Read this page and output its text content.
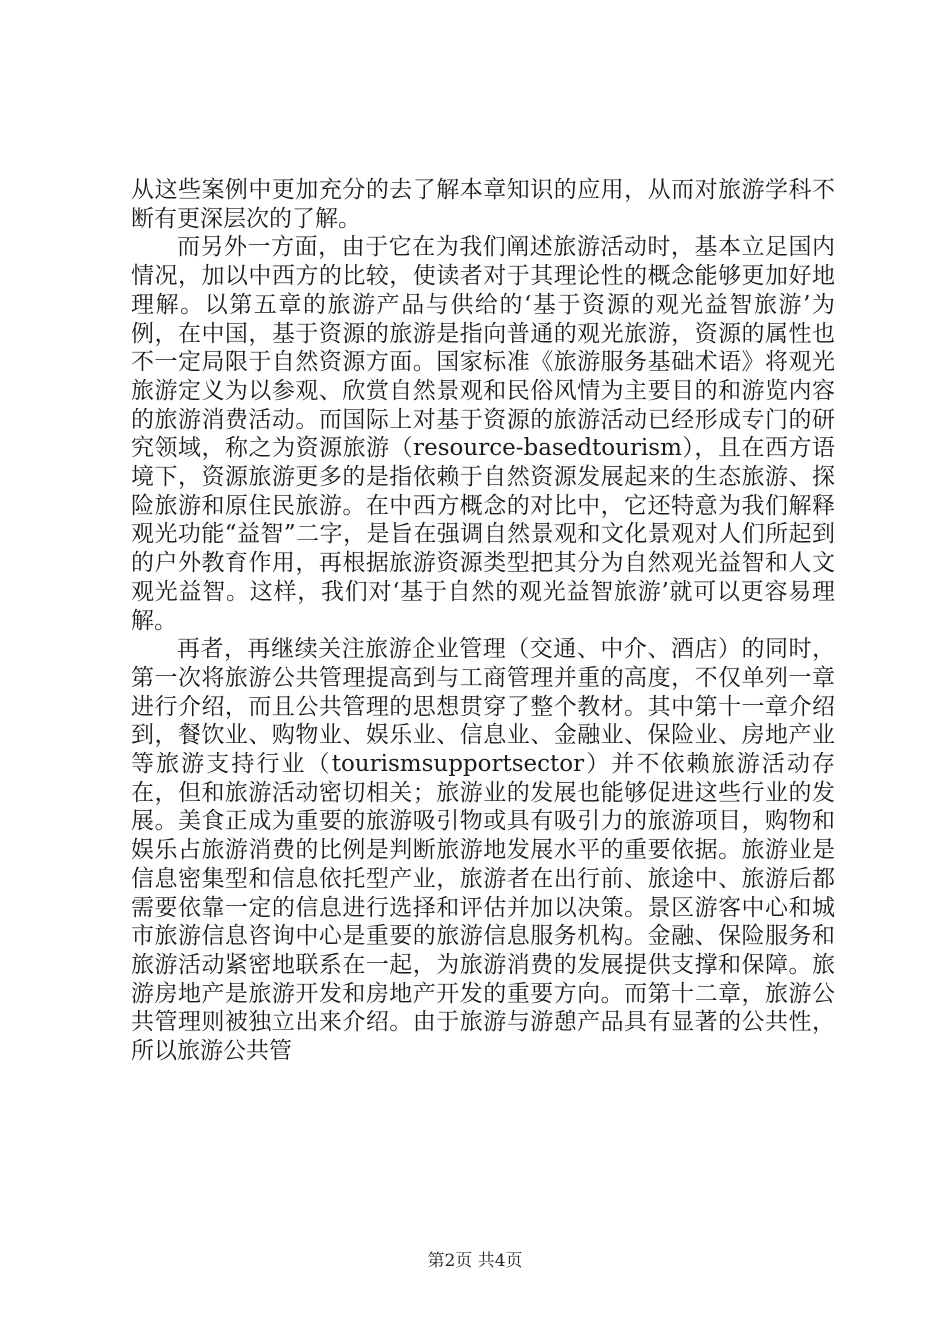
从这些案例中更加充分的去了解本章知识的应用，从而对旅游学科不断有更深层次的了解。

而另外一方面，由于它在为我们阐述旅游活动时，基本立足国内情况，加以中西方的比较，使读者对于其理论性的概念能够更加好地理解。以第五章的旅游产品与供给的‘基于资源的观光益智旅游’为例，在中国，基于资源的旅游是指向普通的观光旅游，资源的属性也不一定局限于自然资源方面。国家标准《旅游服务基础术语》将观光旅游定义为以参观、欣赏自然景观和民俗风情为主要目的和游览内容的旅游消费活动。而国际上对基于资源的旅游活动已经形成专门的研究领域，称之为资源旅游（resource-basedtourism），且在西方语境下，资源旅游更多的是指依赖于自然资源发展起来的生态旅游、探险旅游和原住民旅游。在中西方概念的对比中，它还特意为我们解释观光功能“益智”二字，是旨在强调自然景观和文化景观对人们所起到的户外教育作用，再根据旅游资源类型把其分为自然观光益智和人文观光益智。这样，我们对‘基于自然的观光益智旅游’就可以更容易理解。

再者，再继续关注旅游企业管理（交通、中介、酒店）的同时，第一次将旅游公共管理提高到与工商管理并重的高度，不仅单列一章进行介绍，而且公共管理的思想贯穿了整个教材。其中第十一章介绍到，餐饮业、购物业、娱乐业、信息业、金融业、保险业、房地产业等旅游支持行业（tourismsupportsector）并不依赖旅游活动存在，但和旅游活动密切相关；旅游业的发展也能够促进这些行业的发展。美食正成为重要的旅游吸引物或具有吸引力的旅游项目，购物和娱乐占旅游消费的比例是判断旅游地发展水平的重要依据。旅游业是信息密集型和信息依托型产业，旅游者在出行前、旅途中、旅游后都需要依靠一定的信息进行选择和评估并加以决策。景区游客中心和城市旅游信息咨询中心是重要的旅游信息服务机构。金融、保险服务和旅游活动紧密地联系在一起，为旅游消费的发展提供支撑和保障。旅游房地产是旅游开发和房地产开发的重要方向。而第十二章，旅游公共管理则被独立出来介绍。由于旅游与游憩产品具有显著的公共性，所以旅游公共管

第2页 共4页
